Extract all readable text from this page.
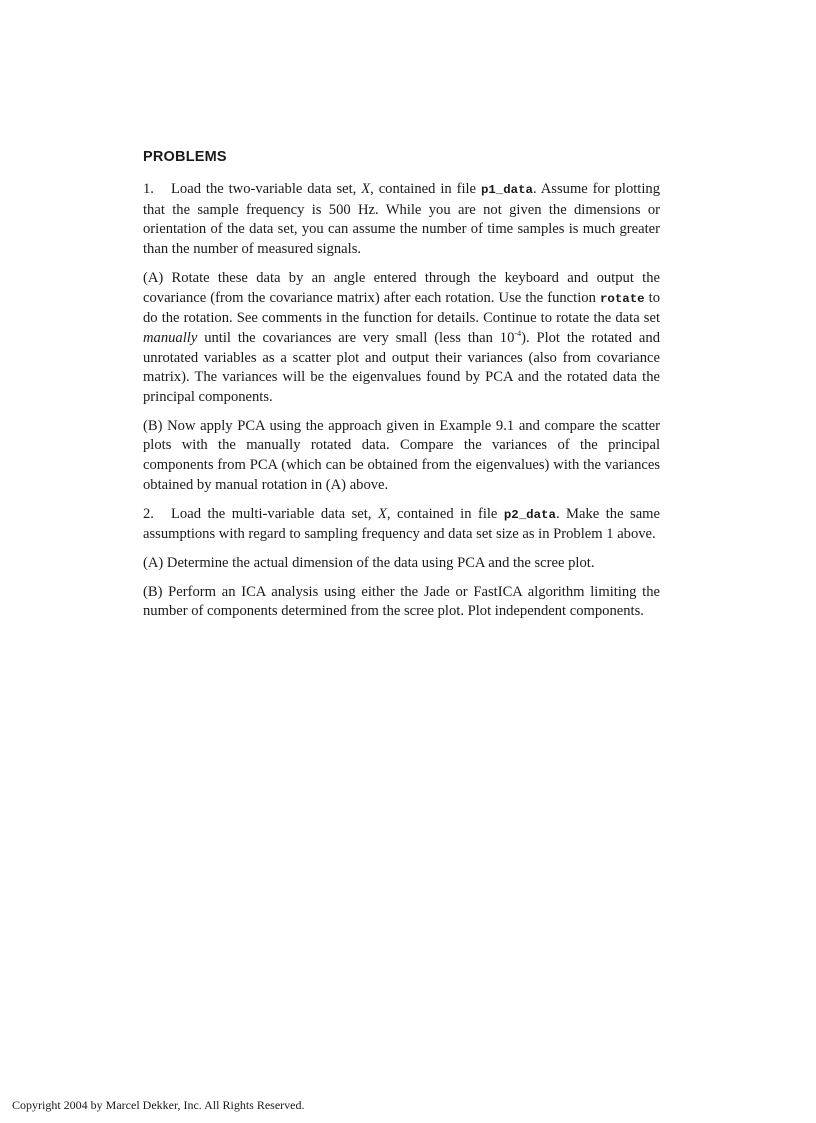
PROBLEMS

1. Load the two-variable data set, X, contained in file p1_data. Assume for plotting that the sample frequency is 500 Hz. While you are not given the dimensions or orientation of the data set, you can assume the number of time samples is much greater than the number of measured signals.

(A) Rotate these data by an angle entered through the keyboard and output the covariance (from the covariance matrix) after each rotation. Use the function rotate to do the rotation. See comments in the function for details. Continue to rotate the data set manually until the covariances are very small (less than $10^{-4}$). Plot the rotated and unrotated variables as a scatter plot and output their variances (also from covariance matrix). The variances will be the eigenvalues found by PCA and the rotated data the principal components.

(B) Now apply PCA using the approach given in Example 9.1 and compare the scatter plots with the manually rotated data. Compare the variances of the principal components from PCA (which can be obtained from the eigenvalues) with the variances obtained by manual rotation in (A) above.

2. Load the multi-variable data set, X, contained in file p2_data. Make the same assumptions with regard to sampling frequency and data set size as in Problem 1 above.

(A) Determine the actual dimension of the data using PCA and the scree plot.

(B) Perform an ICA analysis using either the Jade or FastICA algorithm limiting the number of components determined from the scree plot. Plot independent components.

Copyright 2004 by Marcel Dekker, Inc. All Rights Reserved.
